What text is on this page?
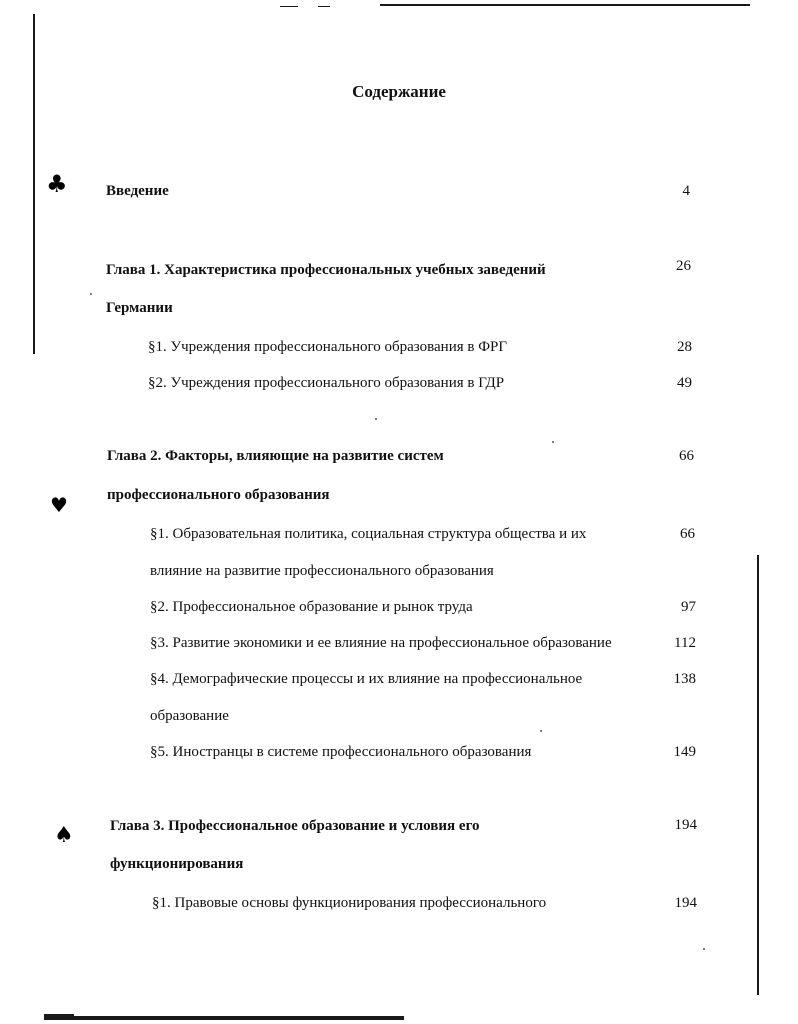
♣
♥
♠
Содержание
Введение	4
Глава 1. Характеристика профессиональных учебных заведений	26
Германии
§1. Учреждения профессионального образования в ФРГ	28
§2. Учреждения профессионального образования в ГДР	49
Глава 2. Факторы, влияющие на развитие систем	66
профессионального образования
§1. Образовательная политика, социальная структура общества и их	66
влияние на развитие профессионального образования
§2. Профессиональное образование и рынок труда	97
§3. Развитие экономики и ее влияние на профессиональное образование	112
§4. Демографические процессы и их влияние на профессиональное	138
образование
§5. Иностранцы в системе профессионального образования	149
Глава 3. Профессиональное образование и условия его	194
функционирования
§1. Правовые основы функционирования профессионального	194
